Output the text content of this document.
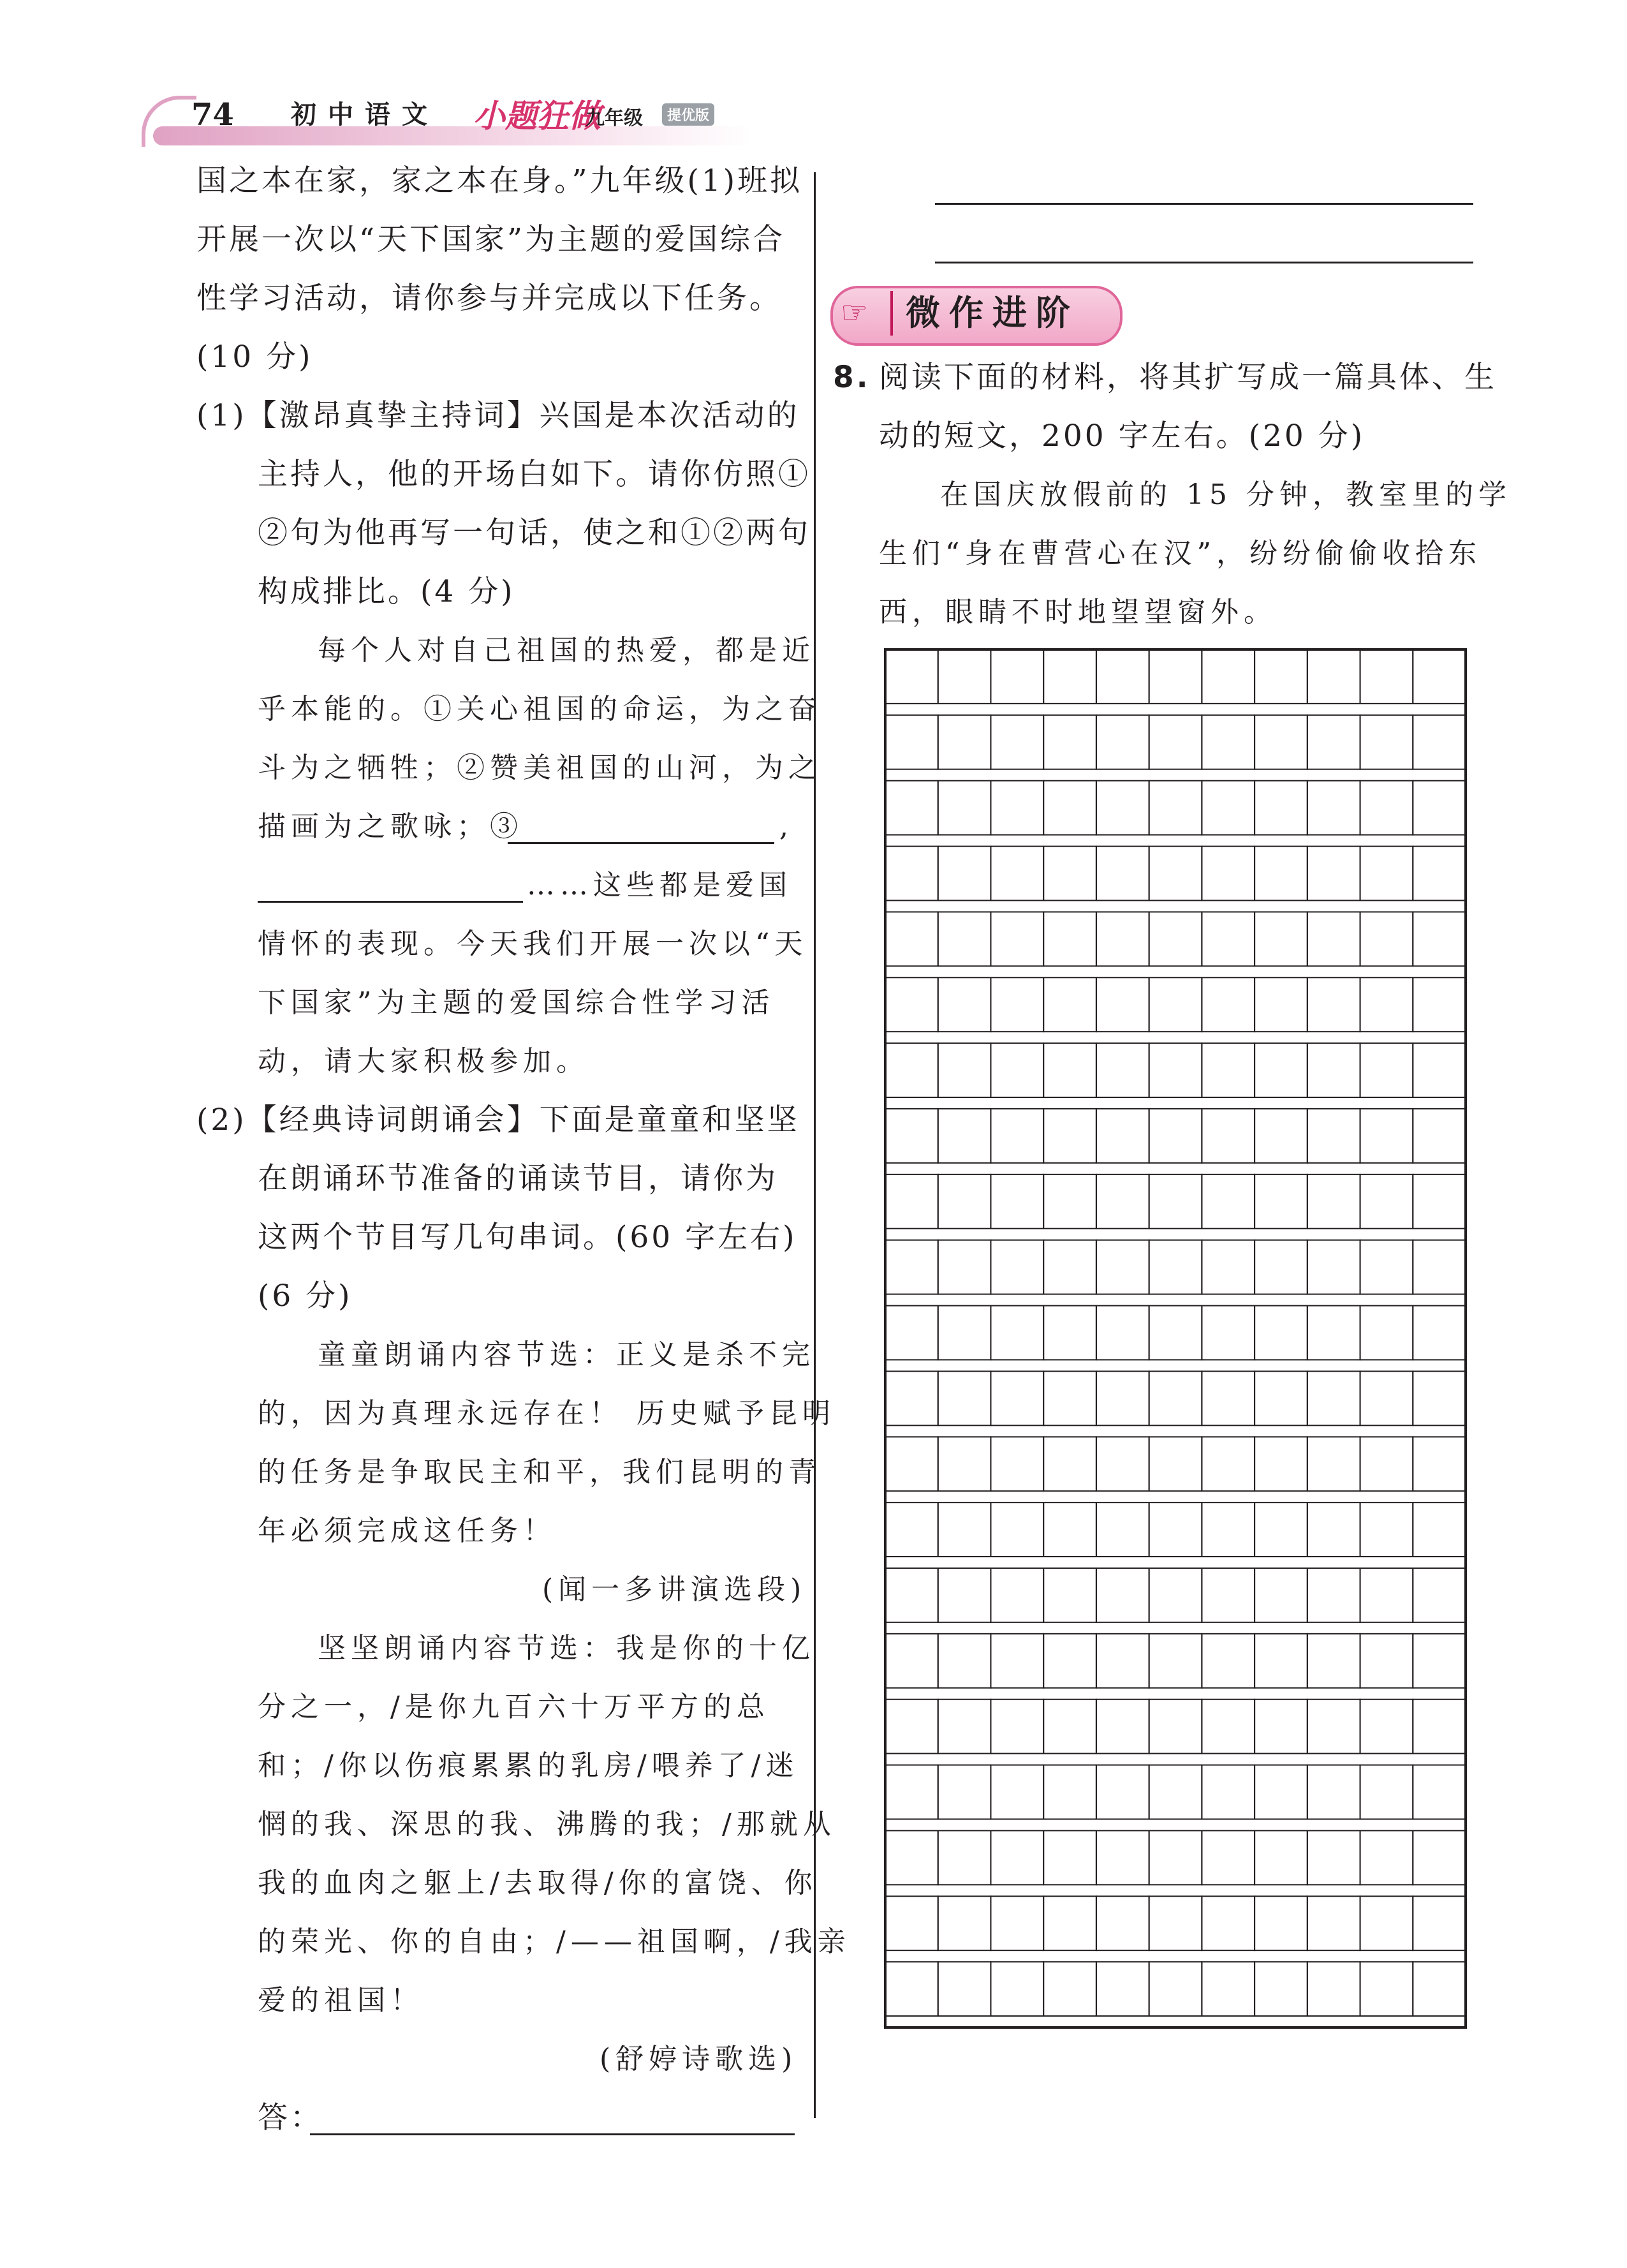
74 初中语文 小题狂做
九年级	提优版
国之本在家，家之本在身。”九年级(1)班拟
开展一次以“天下国家”为主题的爱国综合
性学习活动，请你参与并完成以下任务。
(10 分)
(1)【激昂真挚主持词】兴国是本次活动的
主持人，他的开场白如下。请你仿照①
②句为他再写一句话，使之和①②两句
构成排比。(4 分)
每个人对自己祖国的热爱，都是近
乎本能的。①关心祖国的命运，为之奋
斗为之牺牲；②赞美祖国的山河，为之
描画为之歌咏；③	,
……这些都是爱国
情怀的表现。今天我们开展一次以“天
下国家”为主题的爱国综合性学习活
动，请大家积极参加。
(2)【经典诗词朗诵会】下面是童童和坚坚
在朗诵环节准备的诵读节目，请你为
这两个节目写几句串词。(60 字左右)
(6 分)
童童朗诵内容节选：正义是杀不完
的，因为真理永远存在！ 历史赋予昆明
的任务是争取民主和平，我们昆明的青
年必须完成这任务！
(闻一多讲演选段)
坚坚朗诵内容节选：我是你的十亿
分之一，/是你九百六十万平方的总
和；/你以伤痕累累的乳房/喂养了/迷
惘的我、深思的我、沸腾的我；/那就从
我的血肉之躯上/去取得/你的富饶、你
的荣光、你的自由；/——祖国啊，/我亲
爱的祖国！
(舒婷诗歌选)
答：
☞ 微作进阶
8. 阅读下面的材料，将其扩写成一篇具体、生
动的短文，200 字左右。(20 分)
在国庆放假前的 15 分钟，教室里的学
生们“身在曹营心在汉”，纷纷偷偷收拾东
西，眼睛不时地望望窗外。
